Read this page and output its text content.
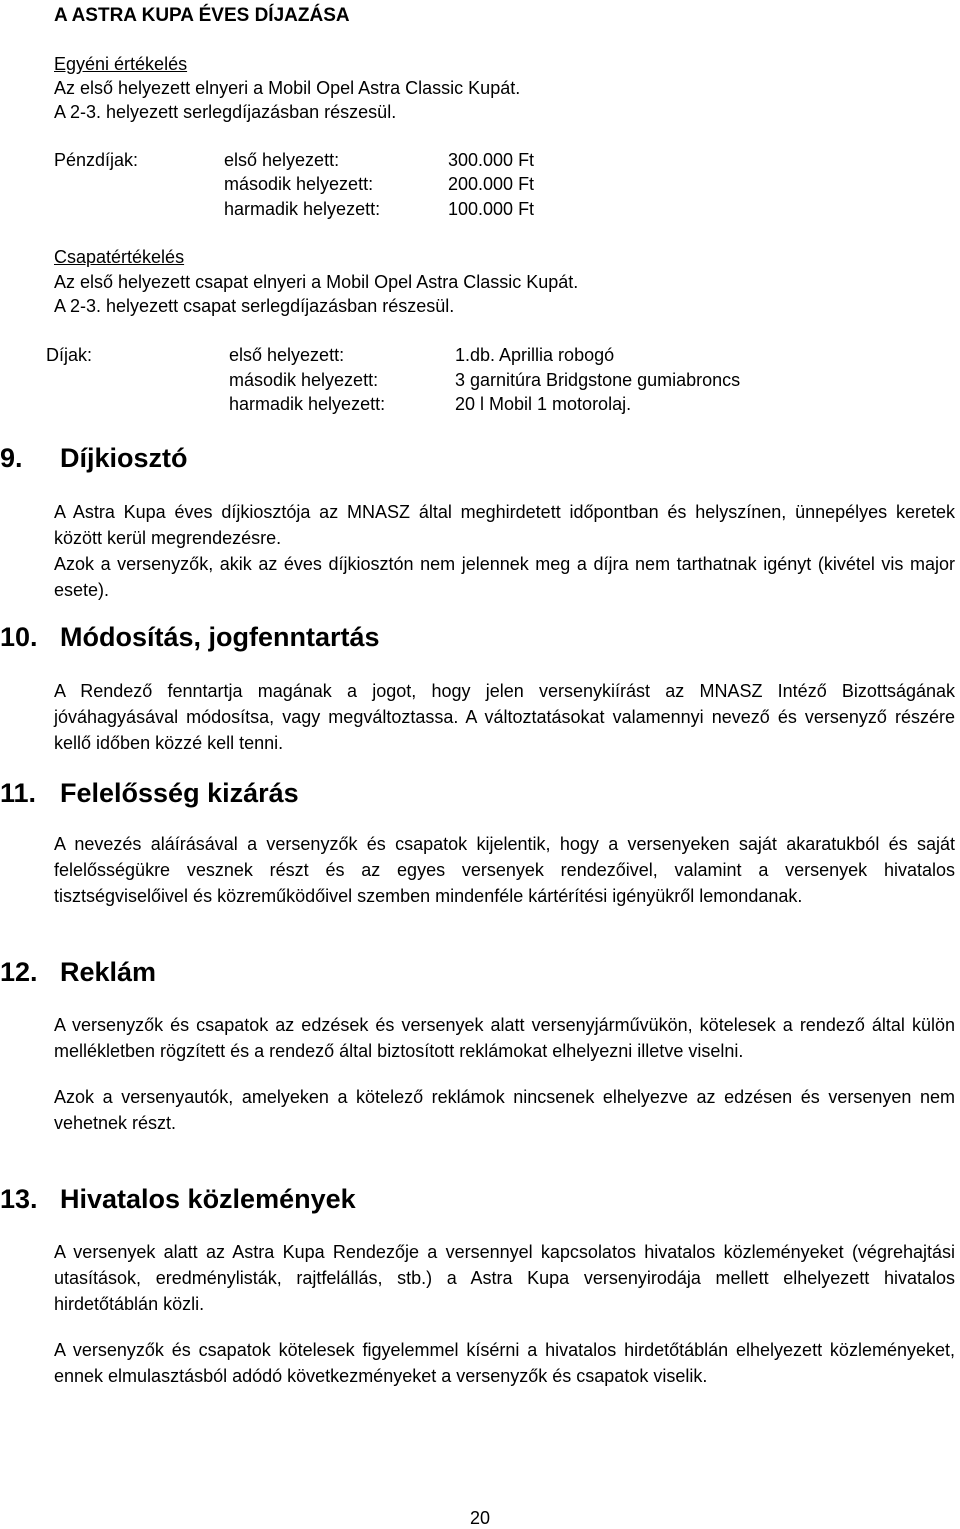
A ASTRA KUPA ÉVES DÍJAZÁSA
Egyéni értékelés
Az első helyezett elnyeri a Mobil Opel Astra Classic Kupát.
A 2-3. helyezett serlegdíjazásban részesül.
Pénzdíjak:	első helyezett:	300.000 Ft
második helyezett:	200.000 Ft
harmadik helyezett:	100.000 Ft
Csapatértékelés
Az első helyezett csapat elnyeri a Mobil Opel Astra Classic Kupát.
A 2-3. helyezett csapat serlegdíjazásban részesül.
Díjak:	első helyezett:	1.db. Aprillia robogó
második helyezett:	3 garnitúra Bridgstone gumiabroncs
harmadik helyezett:	20 l Mobil 1 motorolaj.
9. Díjkiosztó

A Astra Kupa éves díjkiosztója az MNASZ által meghirdetett időpontban és helyszínen, ünnepélyes keretek között kerül megrendezésre.

Azok a versenyzők, akik az éves díjkiosztón nem jelennek meg a díjra nem tarthatnak igényt (kivétel vis major esete).

10. Módosítás, jogfenntartás

A Rendező fenntartja magának a jogot, hogy jelen versenykiírást az MNASZ Intéző Bizottságának jóváhagyásával módosítsa, vagy megváltoztassa. A változtatásokat valamennyi nevező és versenyző részére kellő időben közzé kell tenni.

11. Felelősség kizárás

A nevezés aláírásával a versenyzők és csapatok kijelentik, hogy a versenyeken saját akaratukból és saját felelősségükre vesznek részt és az egyes versenyek rendezőivel, valamint a versenyek hivatalos tisztségviselőivel és közreműködőivel szemben mindenféle kártérítési igényükről lemondanak.

12. Reklám

A versenyzők és csapatok az edzések és versenyek alatt versenyjárművükön, kötelesek a rendező által külön mellékletben rögzített és a rendező által biztosított reklámokat elhelyezni illetve viselni.

Azok a versenyautók, amelyeken a kötelező reklámok nincsenek elhelyezve az edzésen és versenyen nem vehetnek részt.

13. Hivatalos közlemények

A versenyek alatt az Astra Kupa Rendezője a versennyel kapcsolatos hivatalos közleményeket (végrehajtási utasítások, eredménylisták, rajtfelállás, stb.) a Astra Kupa versenyirodája mellett elhelyezett hivatalos hirdetőtáblán közli.

A versenyzők és csapatok kötelesek figyelemmel kísérni a hivatalos hirdetőtáblán elhelyezett közleményeket, ennek elmulasztásból adódó következményeket a versenyzők és csapatok viselik.

20
